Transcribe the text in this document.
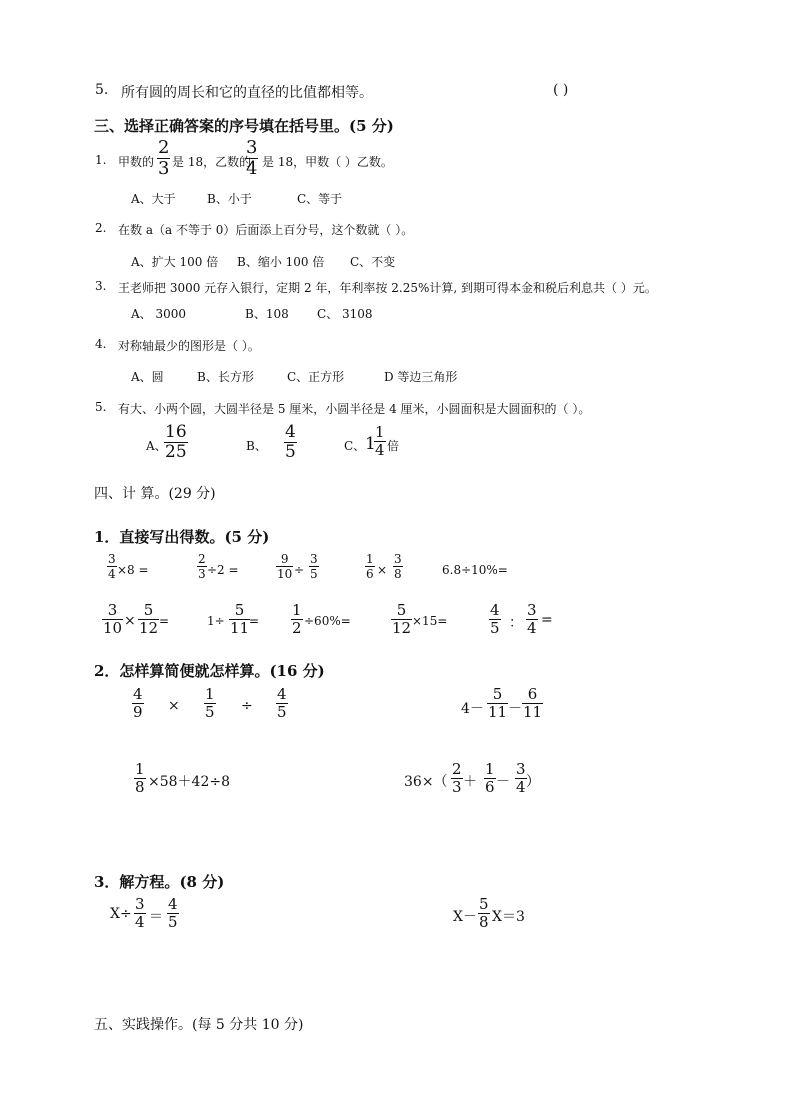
5. 所有圆的周长和它的直径的比值都相等。	( )
三、选择正确答案的序号填在括号里。(5 分)
1. 甲数的
2
3 是 18，乙数的
3
4 是 18，甲数（ ）乙数。
A、大于	B、小于	C、等于
2. 在数 a（a 不等于 0）后面添上百分号，这个数就（ ）。
A、扩大 100 倍 B、缩小 100 倍 C、不变
3. 王老师把 3000 元存入银行，定期 2 年，年利率按 2.25%计算, 到期可得本金和税后利息共（ ）元。
A、 3000	B、108 C、 3108
4. 对称轴最少的图形是（ ）。
A、圆	B、长方形	C、正方形	D 等边三角形
5. 有大、小两个圆，大圆半径是 5 厘米，小圆半径是 4 厘米，小圆面积是大圆面积的（ ）。
A、
16
25	B、
4
5	C、 1
1
4 倍
四、计 算。(29 分)
1．直接写出得数。(5 分)
3
4 ×8 =
2
3 ÷2 =
9
10 ÷
3
5
1
6 ×
3
8	6.8÷10%=
3
10 ×
5
12 =	1÷
5
11 =
1
2 ÷60%=
5
12 ×15=
4
5 ：
3
4 =
2．怎样算简便就怎样算。(16 分)
4
9 ×
1
5 ÷
4
5	4－
5
11 －
6
11
1
8 ×58＋42÷8	36×（
2
3 ＋
1
6 －
3
4 ）
3．解方程。(8 分)
X÷
3
4 ＝
4
5	X－
5
8 X＝3
五、实践操作。(每 5 分共 10 分)
